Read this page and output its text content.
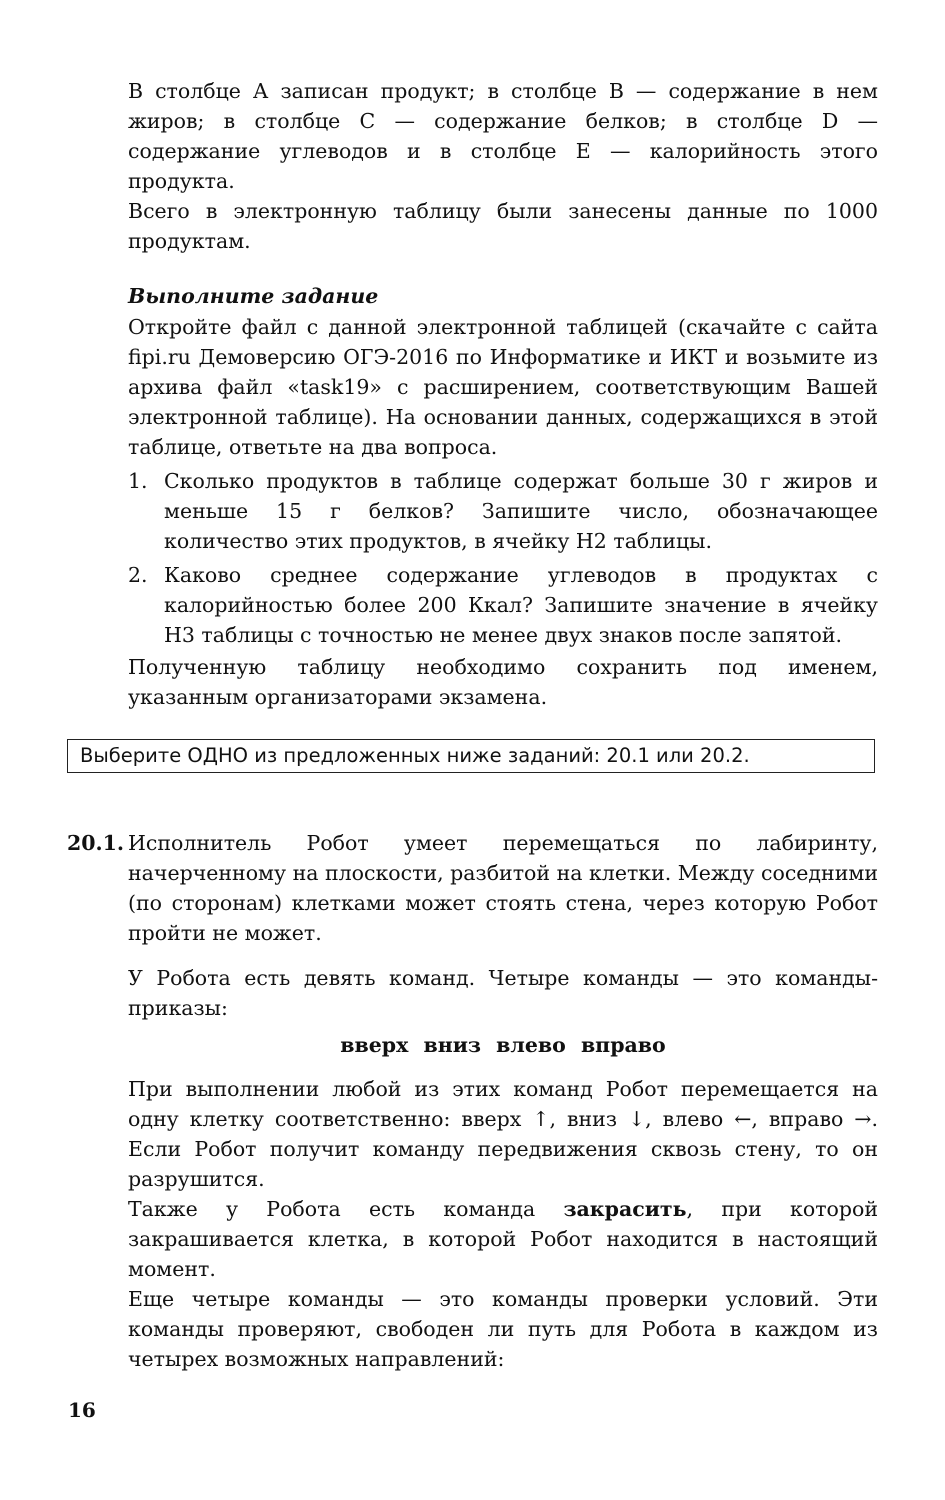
В столбце А записан продукт; в столбце В — содержание в нем жиров; в столбце С — содержание белков; в столбце D — содержание углеводов и в столбце Е — калорийность этого продукта.

Всего в электронную таблицу были занесены данные по 1000 продуктам.

Выполните задание

Откройте файл с данной электронной таблицей (скачайте с сайта fipi.ru Демоверсию ОГЭ-2016 по Информатике и ИКТ и возьмите из архива файл «task19» с расширением, соответствующим Вашей электронной таблице). На основании данных, содержащихся в этой таблице, ответьте на два вопроса.

1. Сколько продуктов в таблице содержат больше 30 г жиров и меньше 15 г белков? Запишите число, обозначающее количество этих продуктов, в ячейку H2 таблицы.
2. Каково среднее содержание углеводов в продуктах с калорийностью более 200 Ккал? Запишите значение в ячейку H3 таблицы с точностью не менее двух знаков после запятой.

Полученную таблицу необходимо сохранить под именем, указанным организаторами экзамена.

Выберите ОДНО из предложенных ниже заданий: 20.1 или 20.2.
20.1. Исполнитель Робот умеет перемещаться по лабиринту, начерченному на плоскости, разбитой на клетки. Между соседними (по сторонам) клетками может стоять стена, через которую Робот пройти не может.

У Робота есть девять команд. Четыре команды — это команды-приказы:

вверх вниз влево вправо

При выполнении любой из этих команд Робот перемещается на одну клетку соответственно: вверх ↑, вниз ↓, влево ←, вправо →. Если Робот получит команду передвижения сквозь стену, то он разрушится.

Также у Робота есть команда закрасить, при которой закрашивается клетка, в которой Робот находится в настоящий момент.

Еще четыре команды — это команды проверки условий. Эти команды проверяют, свободен ли путь для Робота в каждом из четырех возможных направлений:

16
